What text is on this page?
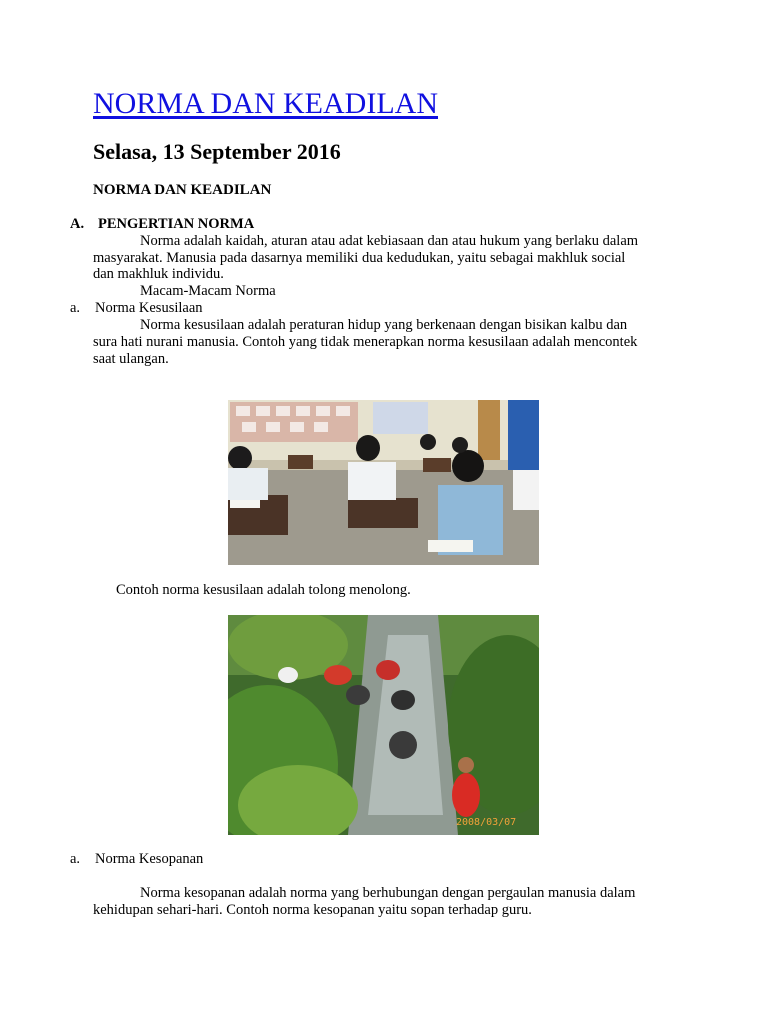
NORMA DAN KEADILAN
Selasa, 13 September 2016
NORMA DAN KEADILAN
A. PENGERTIAN NORMA
Norma adalah kaidah, aturan atau adat kebiasaan dan atau hukum yang berlaku dalam
masyarakat. Manusia pada dasarnya memiliki dua kedudukan, yaitu sebagai makhluk social
dan makhluk individu.
Macam-Macam Norma
a. Norma Kesusilaan
Norma kesusilaan adalah peraturan hidup yang berkenaan dengan bisikan kalbu dan
sura hati nurani manusia. Contoh yang tidak menerapkan norma kesusilaan adalah mencontek
saat ulangan.
Contoh norma kesusilaan adalah tolong menolong.
2008/03/07
a. Norma Kesopanan
Norma kesopanan adalah norma yang berhubungan dengan pergaulan manusia dalam
kehidupan sehari-hari. Contoh norma kesopanan yaitu sopan terhadap guru.
